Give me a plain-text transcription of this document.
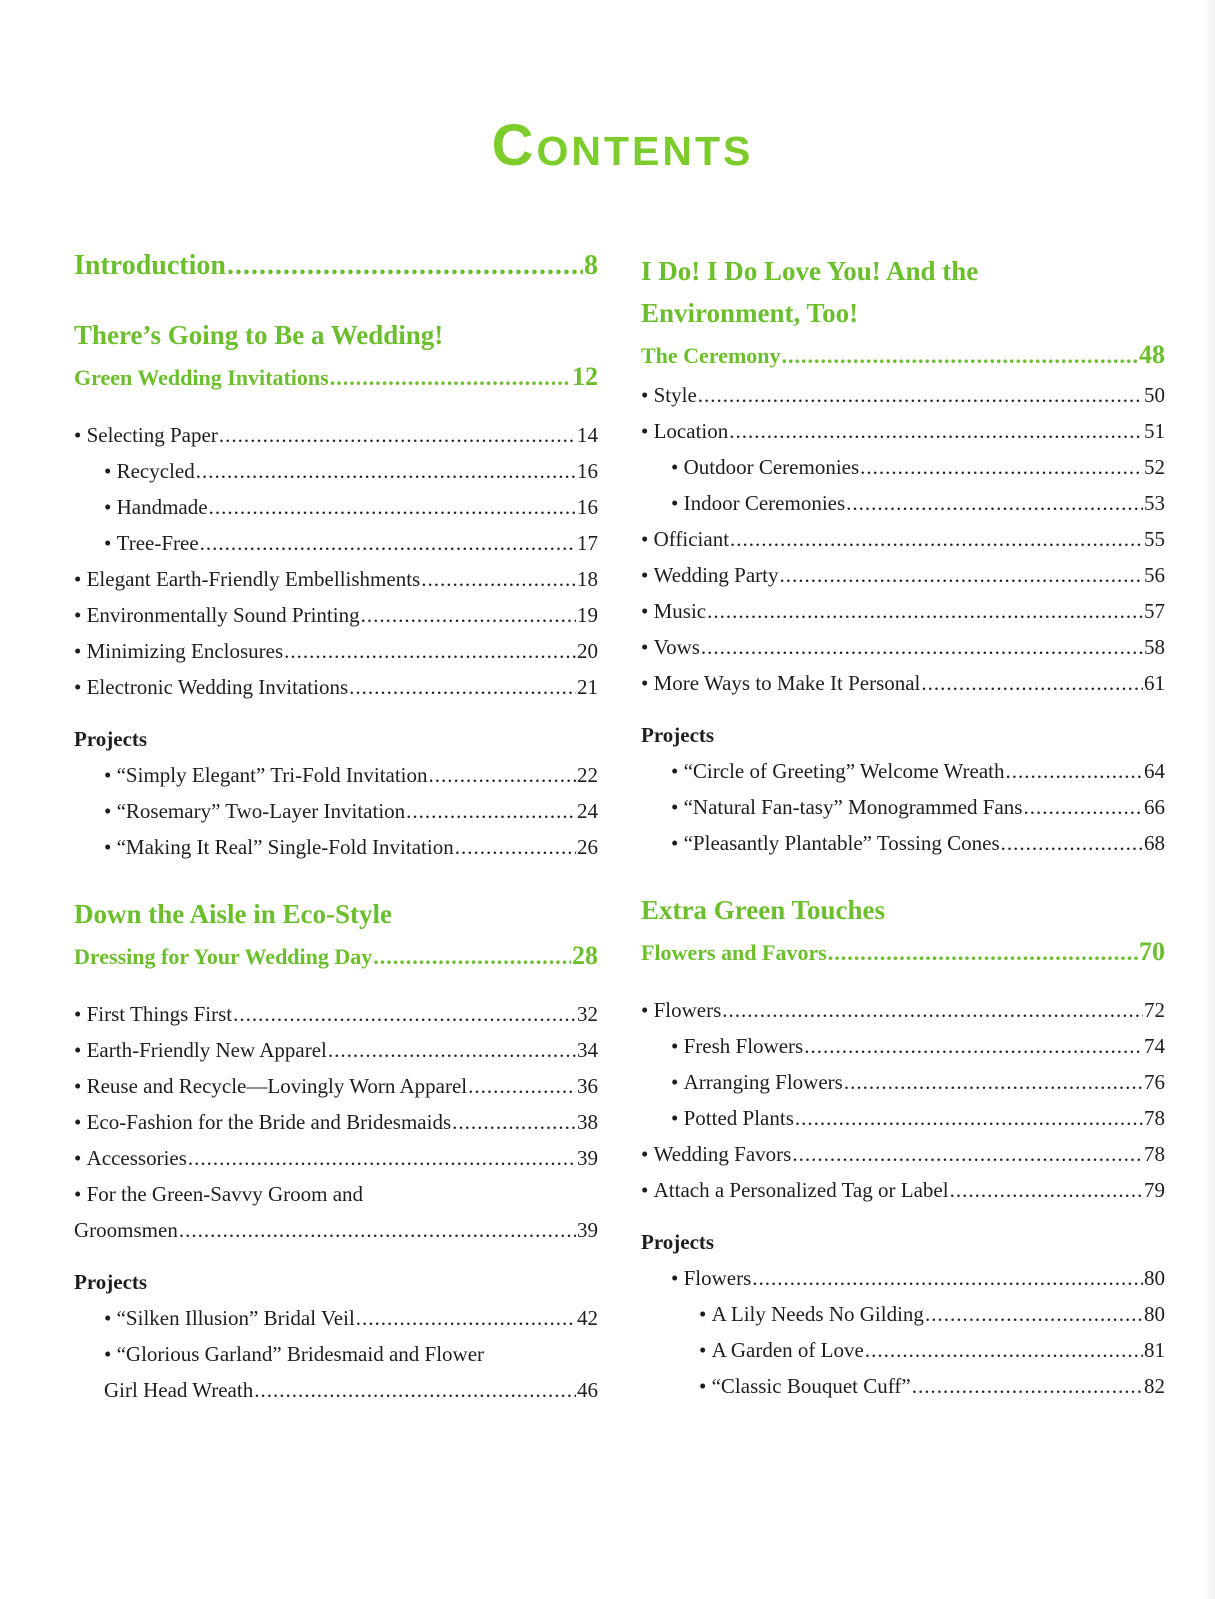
Contents
Introduction .....	8
There’s Going to Be a Wedding!
Green Wedding Invitations .....	12
• Selecting Paper .....	14
• Recycled .....	16
• Handmade .....	16
• Tree-Free .....	17
• Elegant Earth-Friendly Embellishments .....	18
• Environmentally Sound Printing .....	19
• Minimizing Enclosures .....	20
• Electronic Wedding Invitations .....	21
Projects
• “Simply Elegant” Tri-Fold Invitation .....	22
• “Rosemary” Two-Layer Invitation .....	24
• “Making It Real” Single-Fold Invitation .....	26
Down the Aisle in Eco-Style
Dressing for Your Wedding Day .....	28
• First Things First .....	32
• Earth-Friendly New Apparel .....	34
• Reuse and Recycle—Lovingly Worn Apparel .....	36
• Eco-Fashion for the Bride and Bridesmaids .....	38
• Accessories .....	39
• For the Green-Savvy Groom and
Groomsmen .....	39
Projects
• “Silken Illusion” Bridal Veil .....	42
• “Glorious Garland” Bridesmaid and Flower
Girl Head Wreath .....	46
I Do! I Do Love You! And the
Environment, Too!
The Ceremony .....	48
• Style .....	50
• Location .....	51
• Outdoor Ceremonies .....	52
• Indoor Ceremonies .....	53
• Officiant .....	55
• Wedding Party .....	56
• Music .....	57
• Vows .....	58
• More Ways to Make It Personal .....	61
Projects
• “Circle of Greeting” Welcome Wreath .....	64
• “Natural Fan-tasy” Monogrammed Fans .....	66
• “Pleasantly Plantable” Tossing Cones .....	68
Extra Green Touches
Flowers and Favors .....	70
• Flowers .....	72
• Fresh Flowers .....	74
• Arranging Flowers .....	76
• Potted Plants .....	78
• Wedding Favors .....	78
• Attach a Personalized Tag or Label .....	79
Projects
• Flowers .....	80
• A Lily Needs No Gilding .....	80
• A Garden of Love .....	81
• “Classic Bouquet Cuff” .....	82
